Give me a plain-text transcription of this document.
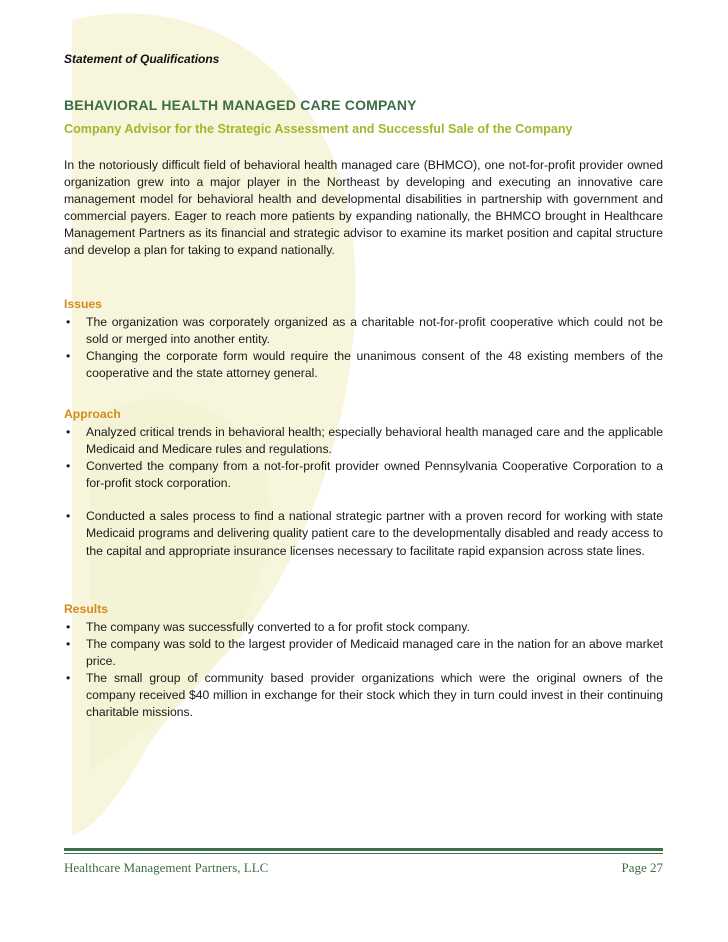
Statement of Qualifications
BEHAVIORAL HEALTH MANAGED CARE COMPANY
Company Advisor for the Strategic Assessment and Successful Sale of the Company

In the notoriously difficult field of behavioral health managed care (BHMCO), one not-for-profit provider owned organization grew into a major player in the Northeast by developing and executing an innovative care management model for behavioral health and developmental disabilities in partnership with government and commercial payers. Eager to reach more patients by expanding nationally, the BHMCO brought in Healthcare Management Partners as its financial and strategic advisor to examine its market position and capital structure and develop a plan for taking to expand nationally.

Issues
• The organization was corporately organized as a charitable not-for-profit cooperative which could not be sold or merged into another entity.
• Changing the corporate form would require the unanimous consent of the 48 existing members of the cooperative and the state attorney general.
Approach
• Analyzed critical trends in behavioral health; especially behavioral health managed care and the applicable Medicaid and Medicare rules and regulations.
• Converted the company from a not-for-profit provider owned Pennsylvania Cooperative Corporation to a for-profit stock corporation.
• Conducted a sales process to find a national strategic partner with a proven record for working with state Medicaid programs and delivering quality patient care to the developmentally disabled and ready access to the capital and appropriate insurance licenses necessary to facilitate rapid expansion across state lines.
Results
• The company was successfully converted to a for profit stock company.
• The company was sold to the largest provider of Medicaid managed care in the nation for an above market price.
• The small group of community based provider organizations which were the original owners of the company received $40 million in exchange for their stock which they in turn could invest in their continuing charitable missions.
Healthcare Management Partners, LLC	Page 27
